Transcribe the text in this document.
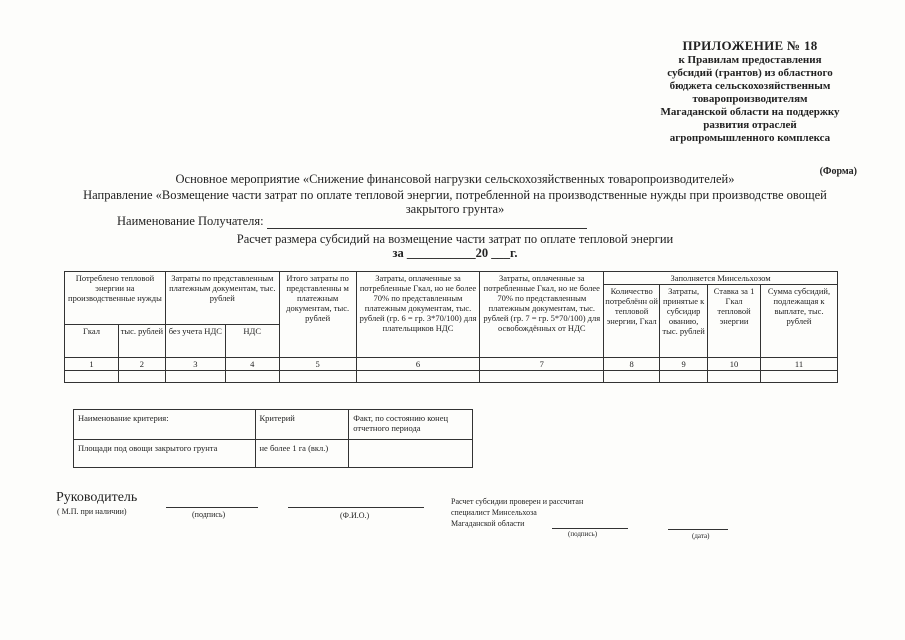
ПРИЛОЖЕНИЕ № 18
к Правилам предоставления
субсидий (грантов) из областного
бюджета сельскохозяйственным
товаропроизводителям
Магаданской области на поддержку
развития отраслей
агропромышленного комплекса
(Форма)
Основное мероприятие «Снижение финансовой нагрузки сельскохозяйственных товаропроизводителей»
Направление «Возмещение части затрат по оплате тепловой энергии, потребленной на производственные нужды при производстве овощей закрытого грунта»
Наименование Получателя:
Расчет размера субсидий на возмещение части затрат по оплате тепловой энергии
за ___________20 ___г.
Потреблено тепловой энергии на производственные нужды		Затраты по представленным платежным документам, тыс. рублей		Итого затраты по представленны м платежным документам, тыс. рублей	Затраты, оплаченные за потребленные Гкал, но не более 70% по представленным платежным документам, тыс. рублей (гр. 6 = гр. 3*70/100) для плательщиков НДС	Затраты, оплаченные за потребленные Гкал, но не более 70% по представленным платежным документам, тыс. рублей (гр. 7 = гр. 5*70/100) для освобождённых от НДС	Заполняется Минсельхозом			
							Количество потреблённ ой тепловой энергии, Гкал	Затраты, принятые к субсидир ованию, тыс. рублей	Ставка за 1 Гкал тепловой энергии	Сумма субсидий, подлежащая к выплате, тыс. рублей
Гкал	тыс. рублей	без учета НДС	НДС							
1	2	3	4	5	6	7	8	9	10	11

Наименование критерия:	Критерий	Факт, по состоянию конец отчетного периода
Площади под овощи закрытого грунта	не более 1 га (вкл.)	
Руководитель
( М.П. при наличии)	(подпись)	(Ф.И.О.)
Расчет субсидии проверен и рассчитан
специалист Минсельхоза
Магаданской области
(подпись)	(дата)
